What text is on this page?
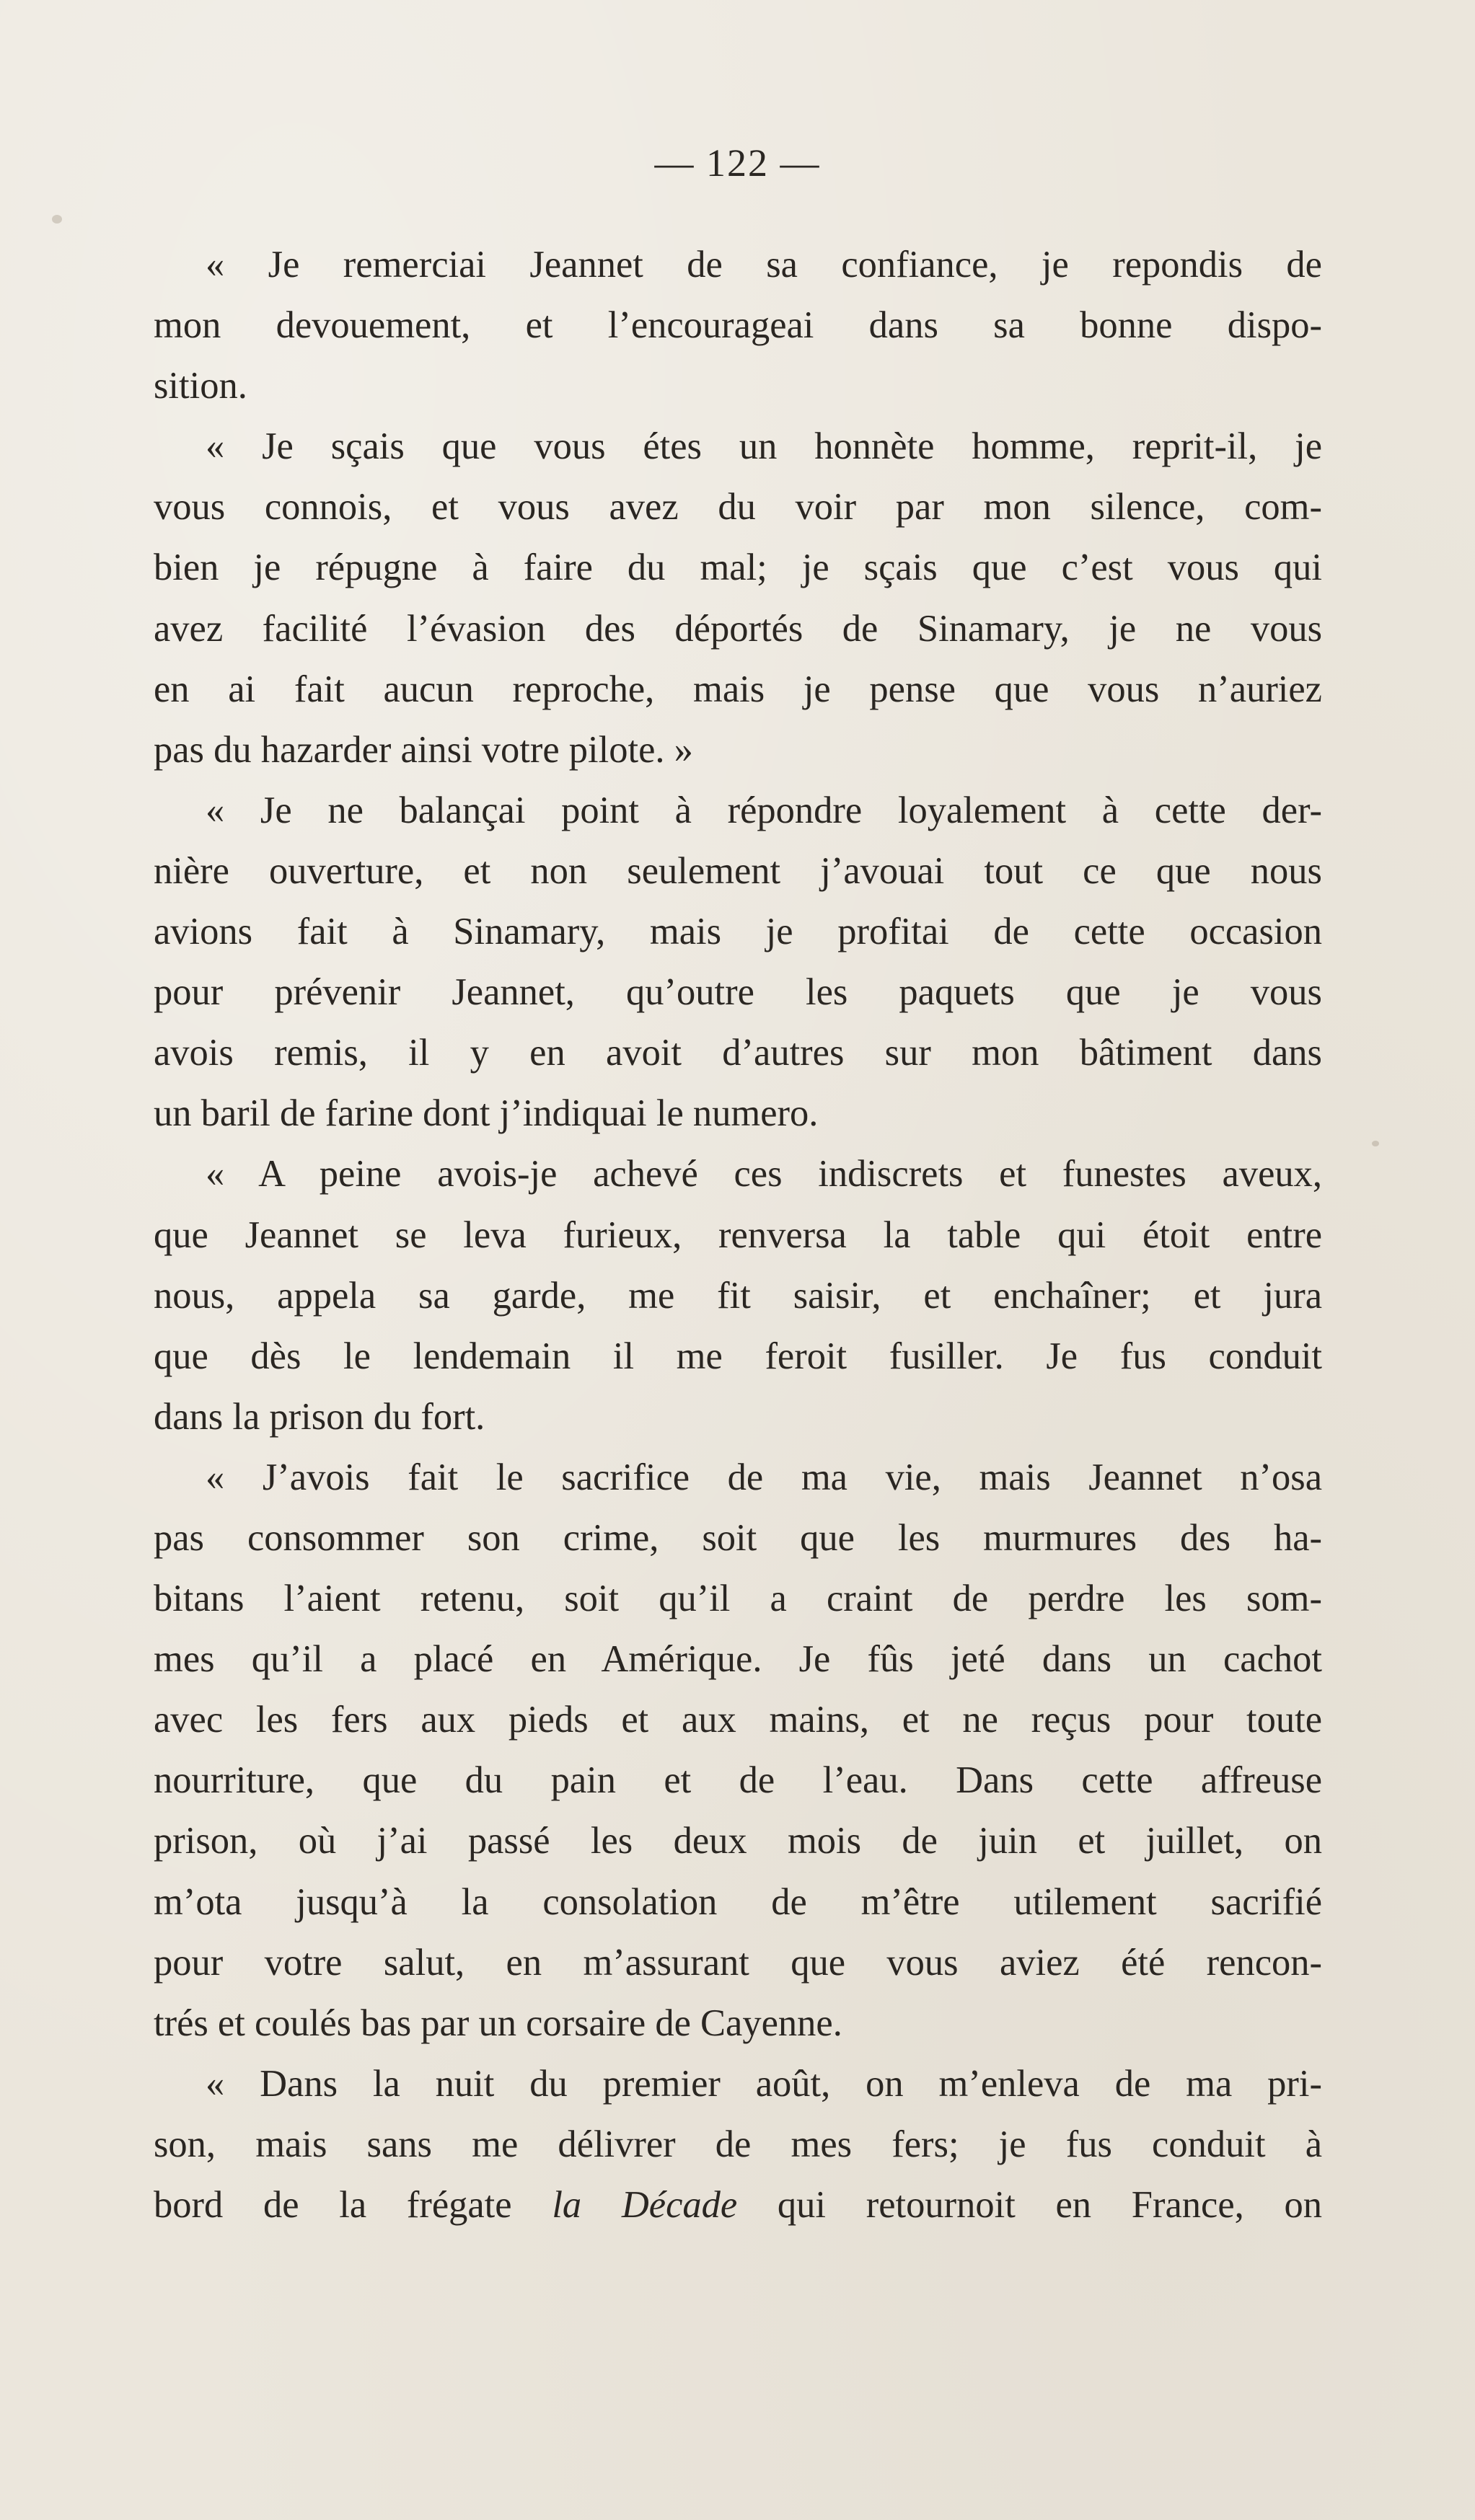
— 122 —

« Je remerciai Jeannet de sa confiance, je repondis de
mon devouement, et l’encourageai dans sa bonne dispo-
sition.

« Je sçais que vous étes un honnète homme, reprit-il, je
vous connois, et vous avez du voir par mon silence, com-
bien je répugne à faire du mal; je sçais que c’est vous qui
avez facilité l’évasion des déportés de Sinamary, je ne vous
en ai fait aucun reproche, mais je pense que vous n’auriez
pas du hazarder ainsi votre pilote. »

« Je ne balançai point à répondre loyalement à cette der-
nière ouverture, et non seulement j’avouai tout ce que nous
avions fait à Sinamary, mais je profitai de cette occasion
pour prévenir Jeannet, qu’outre les paquets que je vous
avois remis, il y en avoit d’autres sur mon bâtiment dans
un baril de farine dont j’indiquai le numero.

« A peine avois-je achevé ces indiscrets et funestes aveux,
que Jeannet se leva furieux, renversa la table qui étoit entre
nous, appela sa garde, me fit saisir, et enchaîner; et jura
que dès le lendemain il me feroit fusiller. Je fus conduit
dans la prison du fort.

« J’avois fait le sacrifice de ma vie, mais Jeannet n’osa
pas consommer son crime, soit que les murmures des ha-
bitans l’aient retenu, soit qu’il a craint de perdre les som-
mes qu’il a placé en Amérique. Je fûs jeté dans un cachot
avec les fers aux pieds et aux mains, et ne reçus pour toute
nourriture, que du pain et de l’eau. Dans cette affreuse
prison, où j’ai passé les deux mois de juin et juillet, on
m’ota jusqu’à la consolation de m’être utilement sacrifié
pour votre salut, en m’assurant que vous aviez été rencon-
trés et coulés bas par un corsaire de Cayenne.

« Dans la nuit du premier août, on m’enleva de ma pri-
son, mais sans me délivrer de mes fers; je fus conduit à
bord de la frégate la Décade qui retournoit en France, on
